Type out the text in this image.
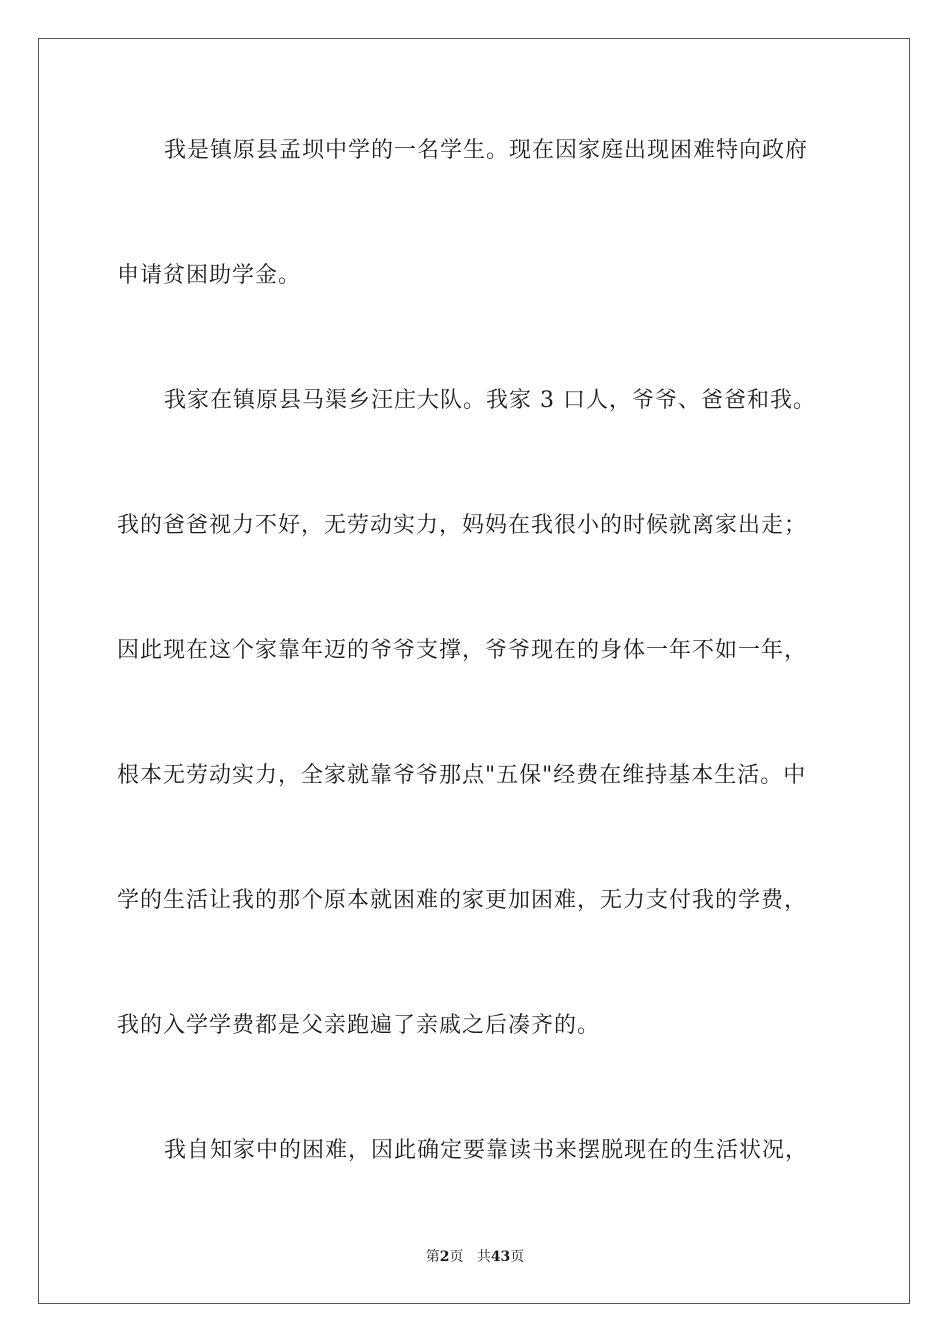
我是镇原县孟坝中学的一名学生。现在因家庭出现困难特向政府
申请贫困助学金。
我家在镇原县马渠乡汪庄大队。我家 3 口人，爷爷、爸爸和我。
我的爸爸视力不好，无劳动实力，妈妈在我很小的时候就离家出走；
因此现在这个家靠年迈的爷爷支撑，爷爷现在的身体一年不如一年，
根本无劳动实力，全家就靠爷爷那点"五保"经费在维持基本生活。中
学的生活让我的那个原本就困难的家更加困难，无力支付我的学费，
我的入学学费都是父亲跑遍了亲戚之后凑齐的。
我自知家中的困难，因此确定要靠读书来摆脱现在的生活状况，
第2页 共43页
